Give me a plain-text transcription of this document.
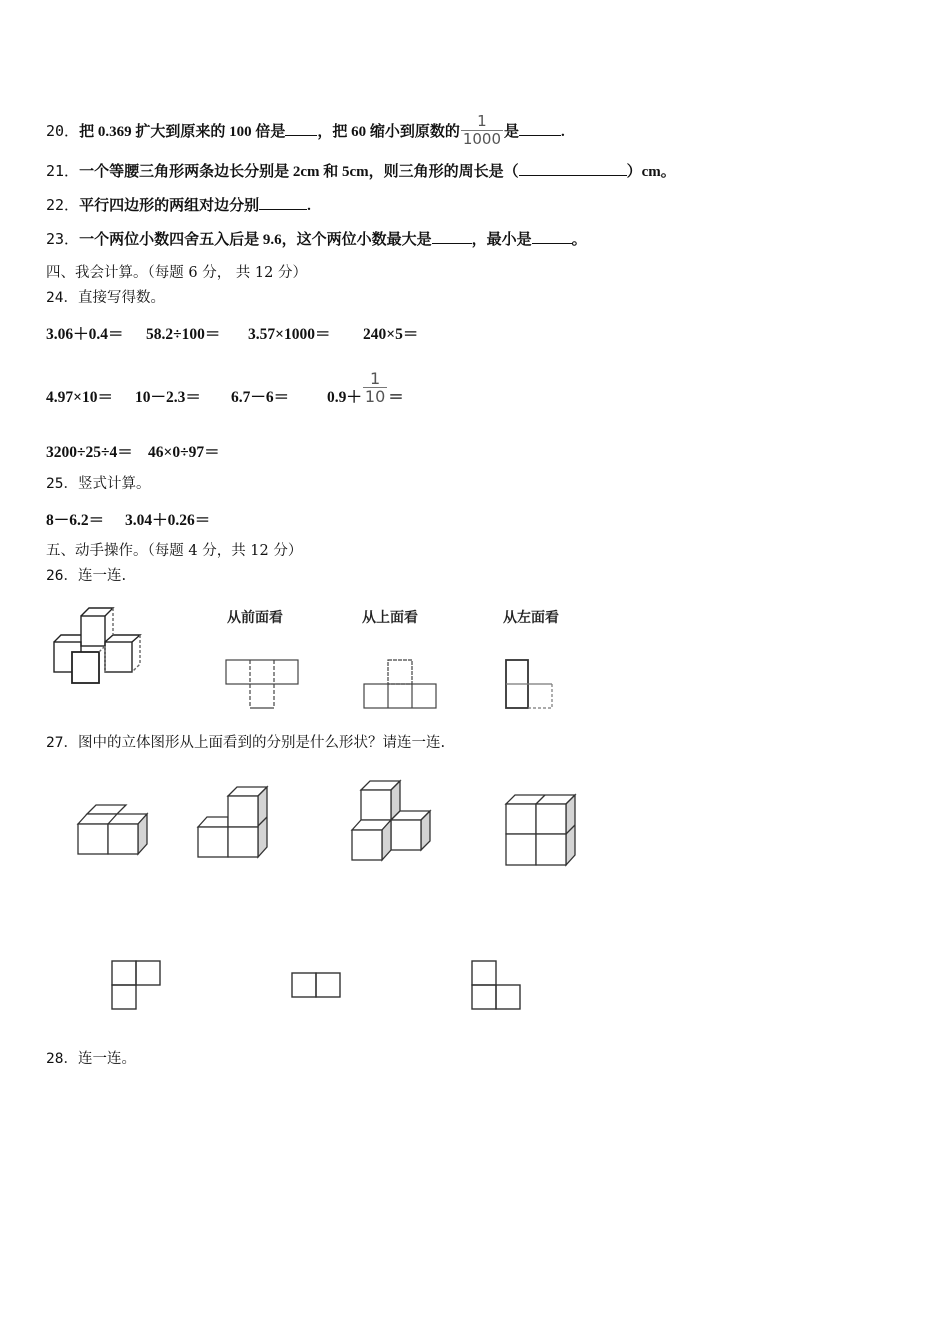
20．把 0.369 扩大到原来的 100 倍是 ，把 60 缩小到原数的 $\frac{1}{1000}$ 是	.
21．一个等腰三角形两条边长分别是 2cm 和 5cm，则三角形的周长是（	）cm。
22．平行四边形的两组对边分别	.
23．一个两位小数四舍五入后是 9.6，这个两位小数最大是	，最小是	。
四、我会计算。（每题 6 分， 共 12 分）
24．直接写得数。
3.06＋0.4＝ 58.2÷100＝ 3.57×1000＝ 240×5＝
$4.97\times 10= 10-2.3= 6.7-6= 0.9+ \frac{1}{10}$ ＝
3200÷25÷4＝ 46×0÷97＝
25．竖式计算。
8－6.2＝ 3.04＋0.26＝
五、动手操作。（每题 4 分，共 12 分）
26．连一连.
从前面看	从上面看	从左面看
27．图中的立体图形从上面看到的分别是什么形状？请连一连.
28．连一连。
